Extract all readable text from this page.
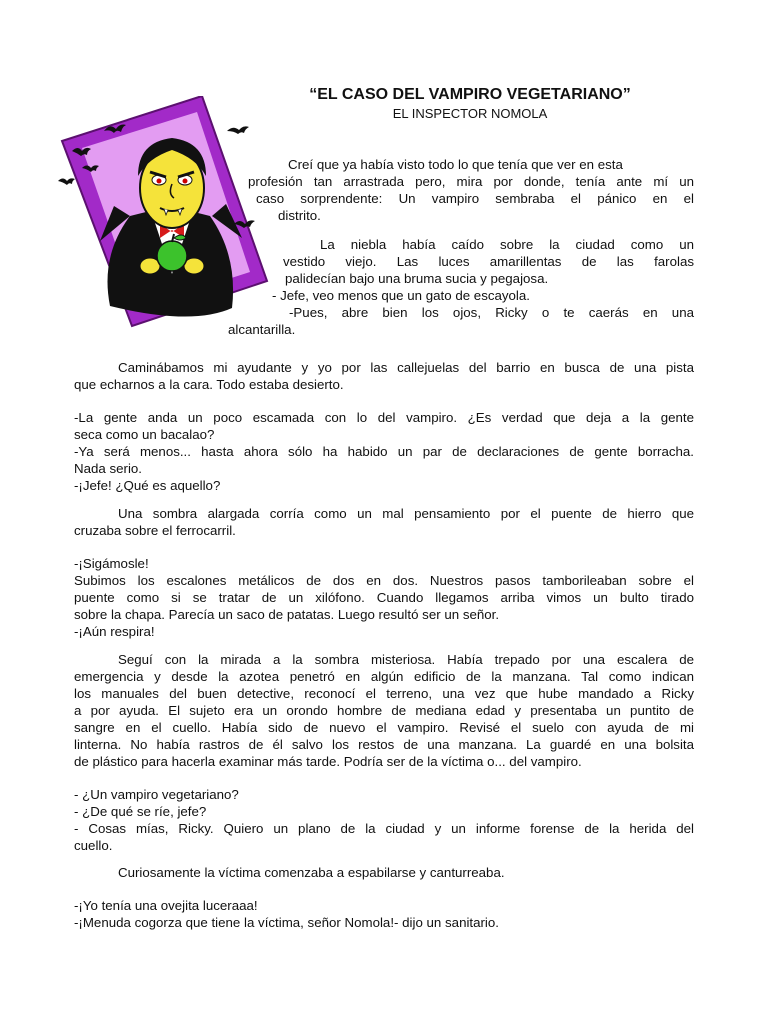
“EL CASO DEL VAMPIRO VEGETARIANO”
EL INSPECTOR NOMOLA
Creí que ya había visto todo lo que tenía que ver en esta
profesión tan arrastrada pero, mira por donde, tenía ante mí un
caso sorprendente: Un vampiro sembraba el pánico en el
distrito.
La niebla había caído sobre la ciudad como un
vestido viejo. Las luces amarillentas de las farolas
palidecían bajo una bruma sucia y pegajosa.
- Jefe, veo menos que un gato de escayola.
-Pues, abre bien los ojos, Ricky o te caerás en una
alcantarilla.
Caminábamos mi ayudante y yo por las callejuelas del barrio en busca de una pista
que echarnos a la cara. Todo estaba desierto.
-La gente anda un poco escamada con lo del vampiro. ¿Es verdad que deja a la gente
seca como un bacalao?
-Ya será menos... hasta ahora sólo ha habido un par de declaraciones de gente borracha.
Nada serio.
-¡Jefe! ¿Qué es aquello?
Una sombra alargada corría como un mal pensamiento por el puente de hierro que
cruzaba sobre el ferrocarril.
-¡Sigámosle!
Subimos los escalones metálicos de dos en dos. Nuestros pasos tamborileaban sobre el
puente como si se tratar de un xilófono. Cuando llegamos arriba vimos un bulto tirado
sobre la chapa. Parecía un saco de patatas. Luego resultó ser un señor.
-¡Aún respira!
Seguí con la mirada a la sombra misteriosa. Había trepado por una escalera de
emergencia y desde la azotea penetró en algún edificio de la manzana. Tal como indican
los manuales del buen detective, reconocí el terreno, una vez que hube mandado a Ricky
a por ayuda. El sujeto era un orondo hombre de mediana edad y presentaba un puntito de
sangre en el cuello. Había sido de nuevo el vampiro. Revisé el suelo con ayuda de mi
linterna. No había rastros de él salvo los restos de una manzana. La guardé en una bolsita
de plástico para hacerla examinar más tarde. Podría ser de la víctima o... del vampiro.
- ¿Un vampiro vegetariano?
- ¿De qué se ríe, jefe?
- Cosas mías, Ricky. Quiero un plano de la ciudad y un informe forense de la herida del
cuello.
Curiosamente la víctima comenzaba a espabilarse y canturreaba.
-¡Yo tenía una ovejita luceraaa!
-¡Menuda cogorza que tiene la víctima, señor Nomola!- dijo un sanitario.
